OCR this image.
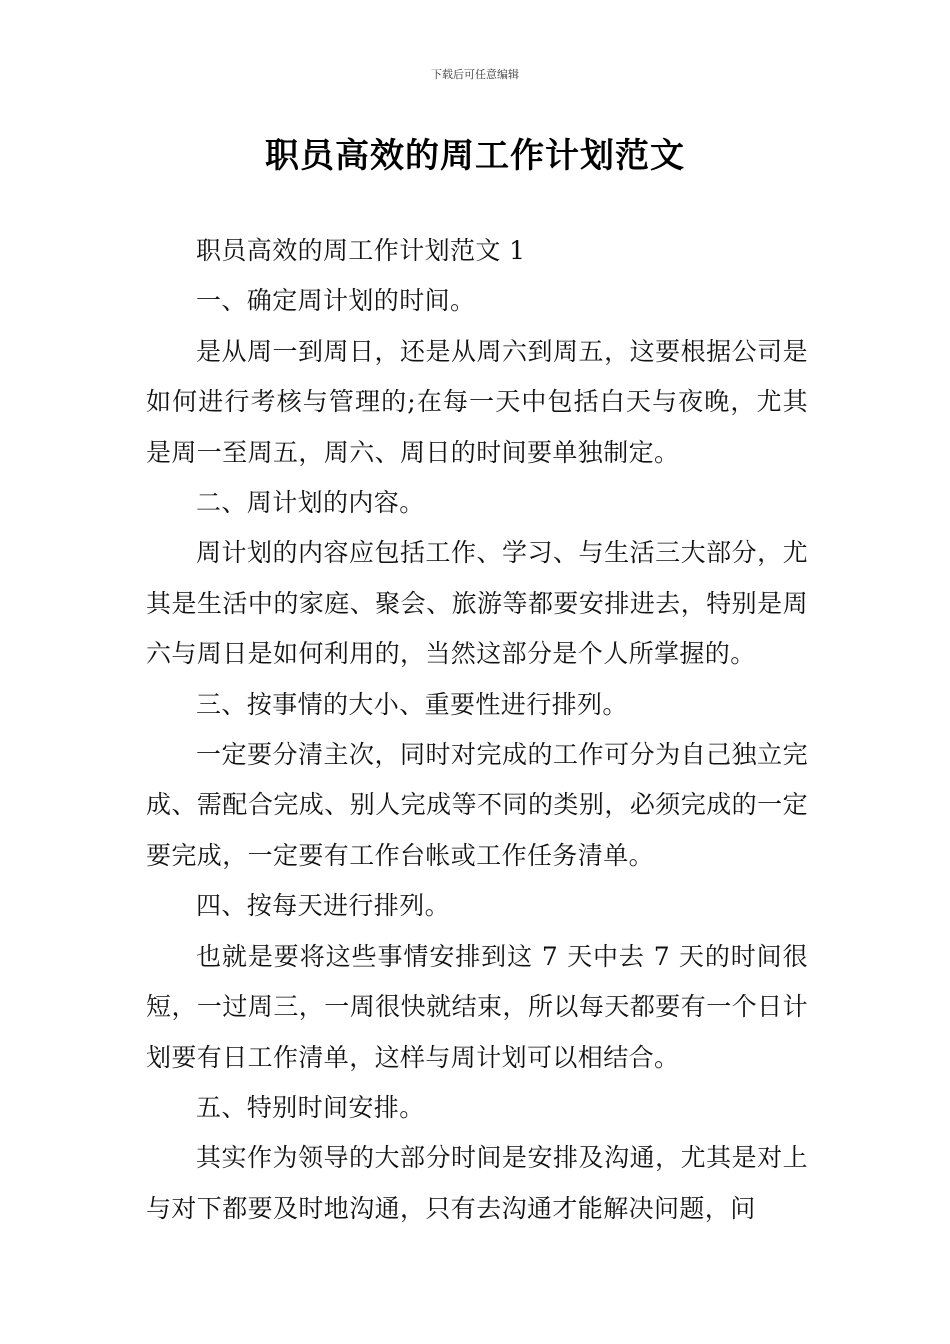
下载后可任意编辑
职员高效的周工作计划范文

职员高效的周工作计划范文 1

一、确定周计划的时间。

是从周一到周日，还是从周六到周五，这要根据公司是如何进行考核与管理的;在每一天中包括白天与夜晚，尤其是周一至周五，周六、周日的时间要单独制定。

二、周计划的内容。

周计划的内容应包括工作、学习、与生活三大部分，尤其是生活中的家庭、聚会、旅游等都要安排进去，特别是周六与周日是如何利用的，当然这部分是个人所掌握的。

三、按事情的大小、重要性进行排列。

一定要分清主次，同时对完成的工作可分为自己独立完成、需配合完成、别人完成等不同的类别，必须完成的一定要完成，一定要有工作台帐或工作任务清单。

四、按每天进行排列。

也就是要将这些事情安排到这 7 天中去 7 天的时间很短，一过周三，一周很快就结束，所以每天都要有一个日计划要有日工作清单，这样与周计划可以相结合。

五、特别时间安排。

其实作为领导的大部分时间是安排及沟通，尤其是对上与对下都要及时地沟通，只有去沟通才能解决问题，问
